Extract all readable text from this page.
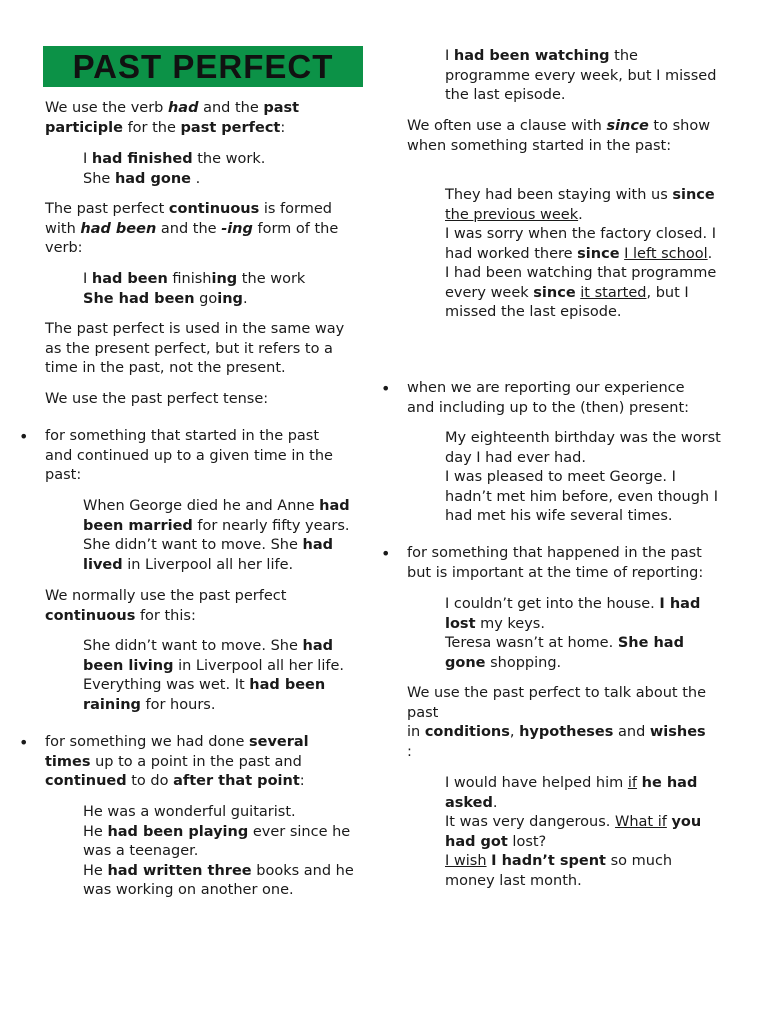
PAST PERFECT
We use the verb had and the past participle for the past perfect:
I had finished the work.
She had gone .
The past perfect continuous is formed with had been and the -ing form of the verb:
I had been finishing the work
She had been going.
The past perfect is used in the same way as the present perfect, but it refers to a time in the past, not the present.
We use the past perfect tense:
for something that started in the past and continued up to a given time in the past:
•
When George died he and Anne had been married for nearly fifty years. She didn’t want to move. She had lived in Liverpool all her life.
We normally use the past perfect continuous for this:
She didn’t want to move. She had been living in Liverpool all her life. Everything was wet. It had been raining for hours.
for something we had done several times up to a point in the past and continued to do after that point:
•
He was a wonderful guitarist.
He had been playing ever since he was a teenager.
He had written three books and he was working on another one.
I had been watching the programme every week, but I missed the last episode.
We often use a clause with since to show when something started in the past:
They had been staying with us since the previous week.
I was sorry when the factory closed. I had worked there since I left school.
I had been watching that programme every week since it started, but I missed the last episode.
when we are reporting our experience and including up to the (then) present:
•
My eighteenth birthday was the worst day I had ever had.
I was pleased to meet George. I hadn’t met him before, even though I had met his wife several times.
for something that happened in the past but is important at the time of reporting:
•
I couldn’t get into the house. I had lost my keys.
Teresa wasn’t at home. She had gone shopping.
We use the past perfect to talk about the past
in conditions, hypotheses and wishes :
I would have helped him if he had asked.
It was very dangerous. What if you had got lost?
I wish I hadn’t spent so much money last month.
